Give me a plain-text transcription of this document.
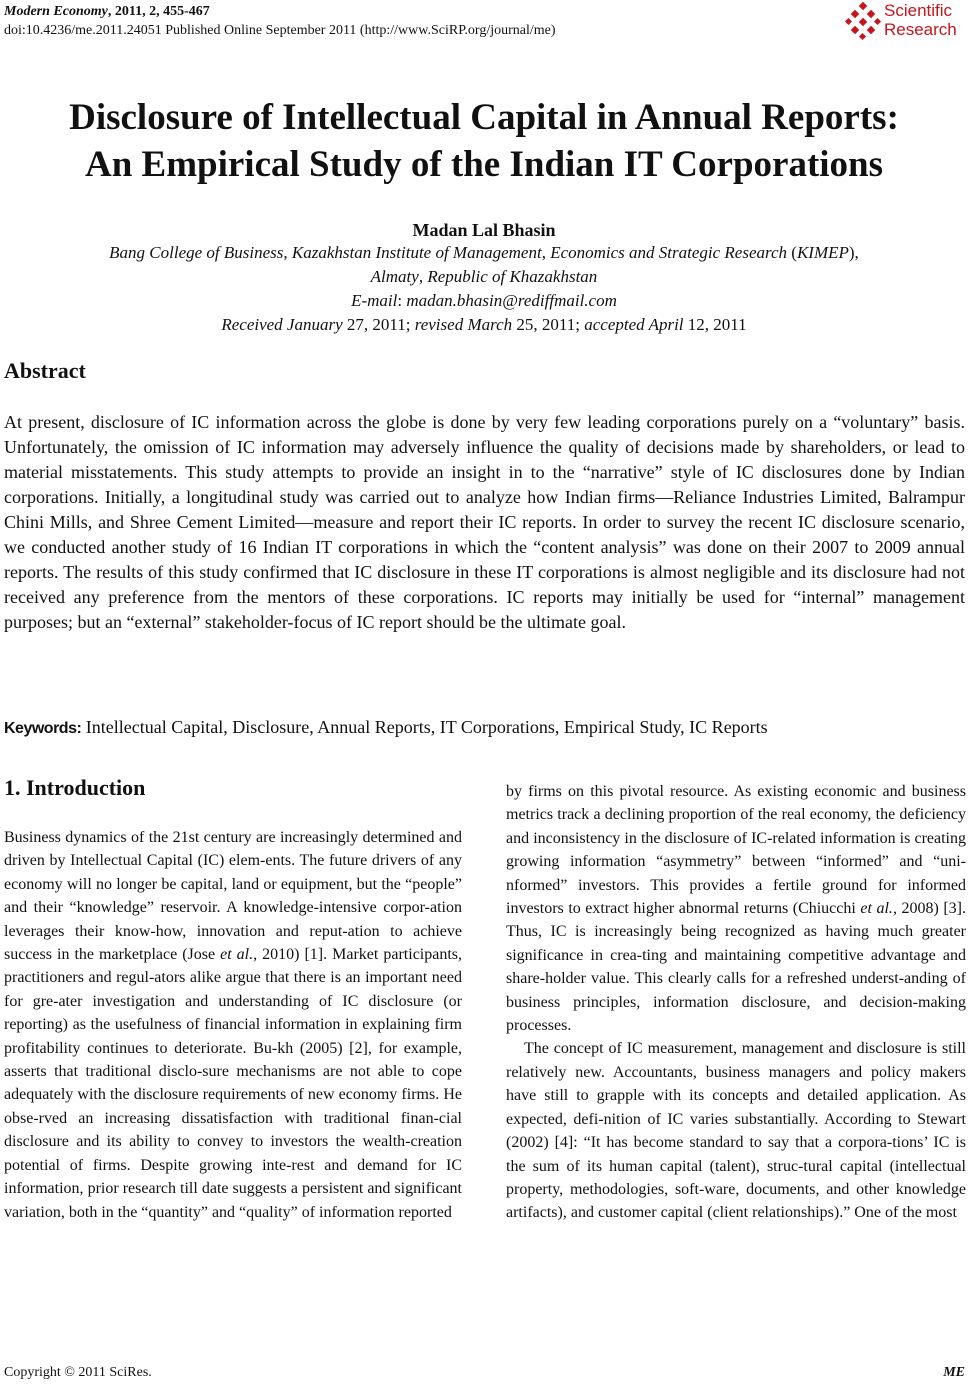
Modern Economy, 2011, 2, 455-467
doi:10.4236/me.2011.24051 Published Online September 2011 (http://www.SciRP.org/journal/me)
Scientific
Research
Disclosure of Intellectual Capital in Annual Reports:
An Empirical Study of the Indian IT Corporations
Madan Lal Bhasin
Bang College of Business, Kazakhstan Institute of Management, Economics and Strategic Research (KIMEP),
Almaty, Republic of Khazakhstan
E-mail: madan.bhasin@rediffmail.com
Received January 27, 2011; revised March 25, 2011; accepted April 12, 2011
Abstract
At present, disclosure of IC information across the globe is done by very few leading corporations purely on a “voluntary” basis. Unfortunately, the omission of IC information may adversely influence the quality of decisions made by shareholders, or lead to material misstatements. This study attempts to provide an insight in to the “narrative” style of IC disclosures done by Indian corporations. Initially, a longitudinal study was carried out to analyze how Indian firms—Reliance Industries Limited, Balrampur Chini Mills, and Shree Cement Limited—measure and report their IC reports. In order to survey the recent IC disclosure scenario, we conducted another study of 16 Indian IT corporations in which the “content analysis” was done on their 2007 to 2009 annual reports. The results of this study confirmed that IC disclosure in these IT corporations is almost negligible and its disclosure had not received any preference from the mentors of these corporations. IC reports may initially be used for “internal” management purposes; but an “external” stakeholder-focus of IC report should be the ultimate goal.
Keywords: Intellectual Capital, Disclosure, Annual Reports, IT Corporations, Empirical Study, IC Reports
1. Introduction

Business dynamics of the 21st century are increasingly determined and driven by Intellectual Capital (IC) elem-ents. The future drivers of any economy will no longer be capital, land or equipment, but the “people” and their “knowledge” reservoir. A knowledge-intensive corpor-ation leverages their know-how, innovation and reput-ation to achieve success in the marketplace (Jose et al., 2010) [1]. Market participants, practitioners and regul-ators alike argue that there is an important need for gre-ater investigation and understanding of IC disclosure (or reporting) as the usefulness of financial information in explaining firm profitability continues to deteriorate. Bu-kh (2005) [2], for example, asserts that traditional disclo-sure mechanisms are not able to cope adequately with the disclosure requirements of new economy firms. He obse-rved an increasing dissatisfaction with traditional finan-cial disclosure and its ability to convey to investors the wealth-creation potential of firms. Despite growing inte-rest and demand for IC information, prior research till date suggests a persistent and significant variation, both in the “quantity” and “quality” of information reported

by firms on this pivotal resource. As existing economic and business metrics track a declining proportion of the real economy, the deficiency and inconsistency in the disclosure of IC-related information is creating growing information “asymmetry” between “informed” and “uni-nformed” investors. This provides a fertile ground for informed investors to extract higher abnormal returns (Chiucchi et al., 2008) [3]. Thus, IC is increasingly being recognized as having much greater significance in crea-ting and maintaining competitive advantage and share-holder value. This clearly calls for a refreshed underst-anding of business principles, information disclosure, and decision-making processes.

The concept of IC measurement, management and disclosure is still relatively new. Accountants, business managers and policy makers have still to grapple with its concepts and detailed application. As expected, defi-nition of IC varies substantially. According to Stewart (2002) [4]: “It has become standard to say that a corpora-tions’ IC is the sum of its human capital (talent), struc-tural capital (intellectual property, methodologies, soft-ware, documents, and other knowledge artifacts), and customer capital (client relationships).” One of the most

Copyright © 2011 SciRes.	ME
